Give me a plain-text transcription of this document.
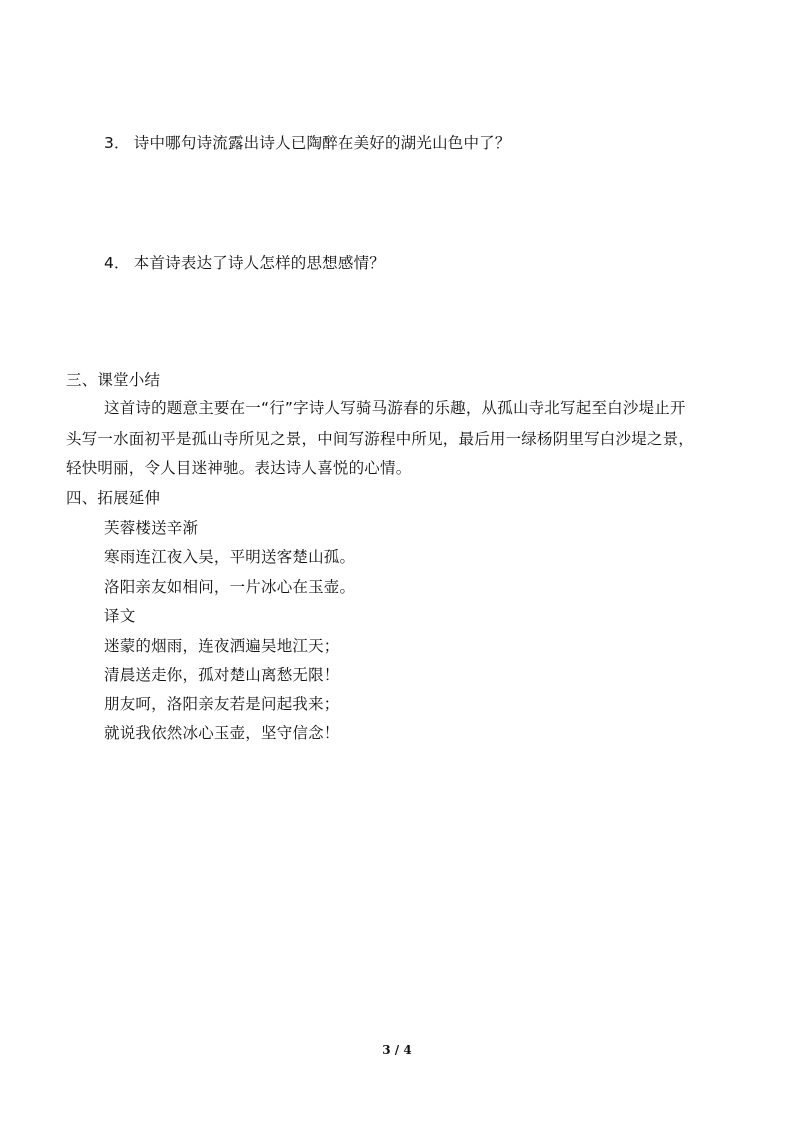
3． 诗中哪句诗流露出诗人已陶醉在美好的湖光山色中了？
4． 本首诗表达了诗人怎样的思想感情？
三、课堂小结
这首诗的题意主要在一“行”字诗人写骑马游春的乐趣，从孤山寺北写起至白沙堤止开
头写一水面初平是孤山寺所见之景，中间写游程中所见，最后用一绿杨阴里写白沙堤之景，
轻快明丽，令人目迷神驰。表达诗人喜悦的心情。
四、拓展延伸
芙蓉楼送辛渐
寒雨连江夜入吴，平明送客楚山孤。
洛阳亲友如相问，一片冰心在玉壶。
译文
迷蒙的烟雨，连夜洒遍吴地江天；
清晨送走你，孤对楚山离愁无限！
朋友呵，洛阳亲友若是问起我来；
就说我依然冰心玉壶，坚守信念！
3 / 4
